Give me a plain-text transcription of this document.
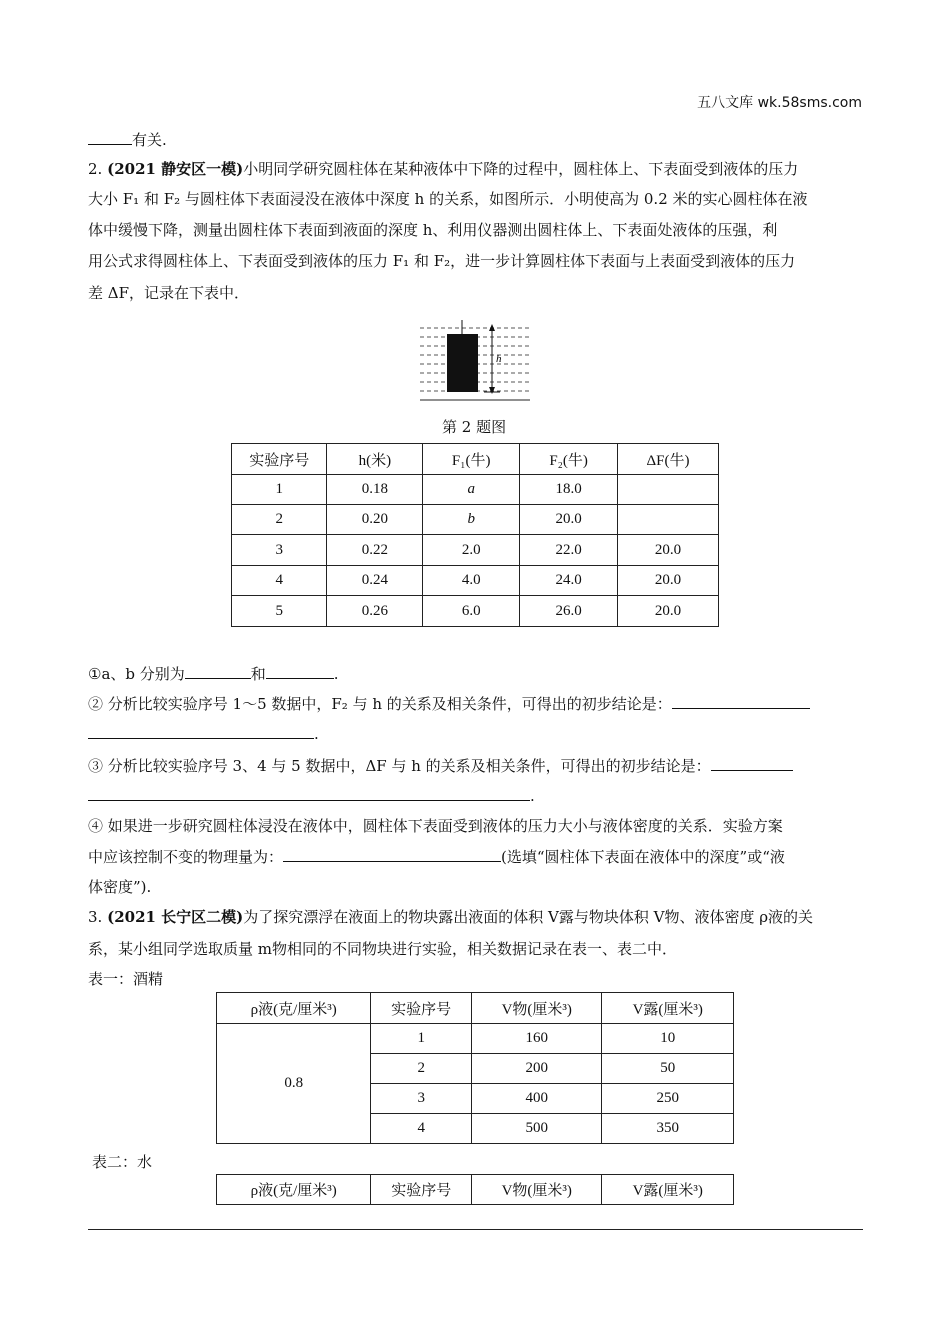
五八文库 wk.58sms.com
有关.
2. (2021 静安区一模)小明同学研究圆柱体在某种液体中下降的过程中，圆柱体上、下表面受到液体的压力
大小 F₁ 和 F₂ 与圆柱体下表面浸没在液体中深度 h 的关系，如图所示．小明使高为 0.2 米的实心圆柱体在液
体中缓慢下降，测量出圆柱体下表面到液面的深度 h、利用仪器测出圆柱体上、下表面处液体的压强，利
用公式求得圆柱体上、下表面受到液体的压力 F₁ 和 F₂，进一步计算圆柱体下表面与上表面受到液体的压力
差 ΔF，记录在下表中．
h
第 2 题图
实验序号	h(米)	F₁(牛)	F₂(牛)	ΔF(牛)
1	0.18	a	18.0	
2	0.20	b	20.0	
3	0.22	2.0	22.0	20.0
4	0.24	4.0	24.0	20.0
5	0.26	6.0	26.0	20.0
①a、b 分别为	和	.
② 分析比较实验序号 1～5 数据中，F₂ 与 h 的关系及相关条件，可得出的初步结论是：
.
③ 分析比较实验序号 3、4 与 5 数据中，ΔF 与 h 的关系及相关条件，可得出的初步结论是：
.
④ 如果进一步研究圆柱体浸没在液体中，圆柱体下表面受到液体的压力大小与液体密度的关系．实验方案
中应该控制不变的物理量为：	(选填“圆柱体下表面在液体中的深度”或“液
体密度”).
3. (2021 长宁区二模)为了探究漂浮在液面上的物块露出液面的体积 V露与物块体积 V物、液体密度 ρ液的关
系，某小组同学选取质量 m物相同的不同物块进行实验，相关数据记录在表一、表二中．
表一：酒精
ρ液(克/厘米³)	实验序号	V物(厘米³)	V露(厘米³)
0.8	1	160	10
	2	200	50
	3	400	250
	4	500	350
表二：水
ρ液(克/厘米³)	实验序号	V物(厘米³)	V露(厘米³)
